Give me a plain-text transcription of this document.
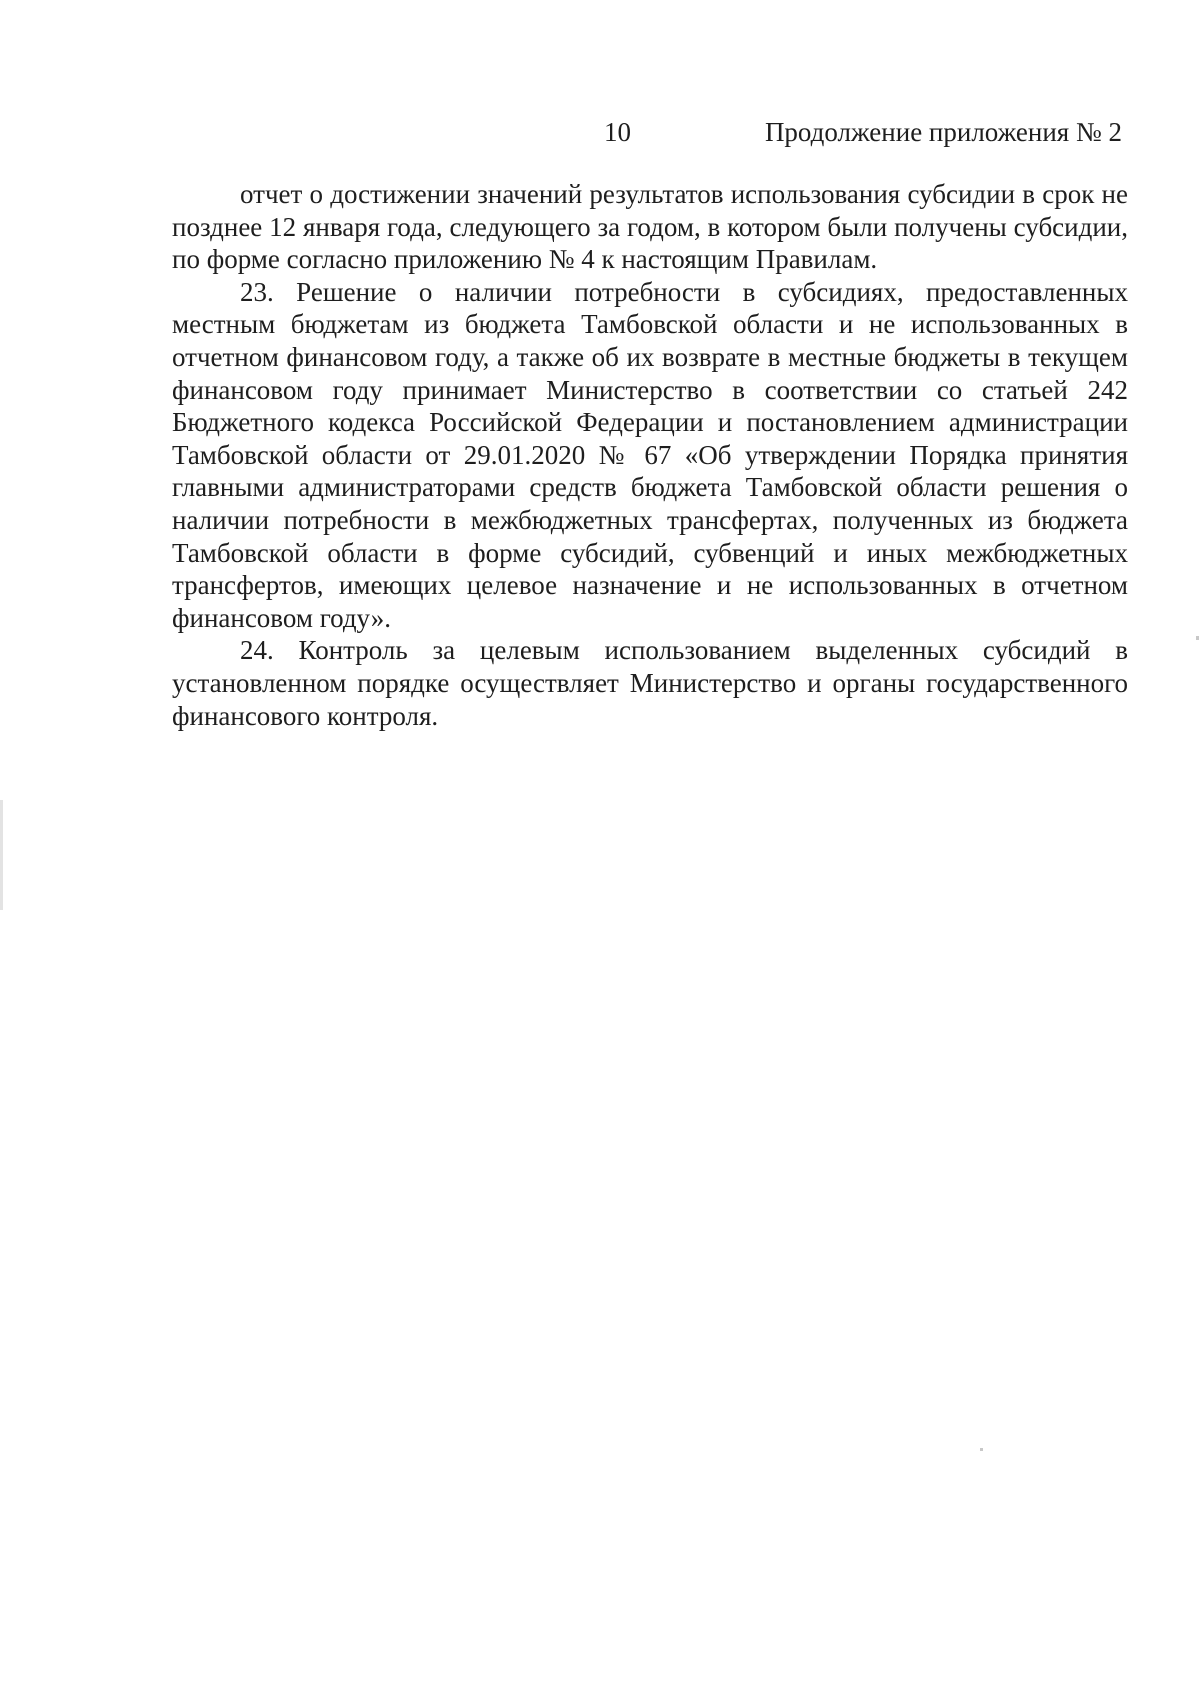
10	Продолжение приложения № 2

отчет о достижении значений результатов использования субсидии в срок не позднее 12 января года, следующего за годом, в котором были получены субсидии, по форме согласно приложению № 4 к настоящим Правилам.

23. Решение о наличии потребности в субсидиях, предоставленных местным бюджетам из бюджета Тамбовской области и не использованных в отчетном финансовом году, а также об их возврате в местные бюджеты в текущем финансовом году принимает Министерство в соответствии со статьей 242 Бюджетного кодекса Российской Федерации и постановлением администрации Тамбовской области от 29.01.2020 № 67 «Об утверждении Порядка принятия главными администраторами средств бюджета Тамбовской области решения о наличии потребности в межбюджетных трансфертах, полученных из бюджета Тамбовской области в форме субсидий, субвенций и иных межбюджетных трансфертов, имеющих целевое назначение и не использованных в отчетном финансовом году».

24. Контроль за целевым использованием выделенных субсидий в установленном порядке осуществляет Министерство и органы государственного финансового контроля.
